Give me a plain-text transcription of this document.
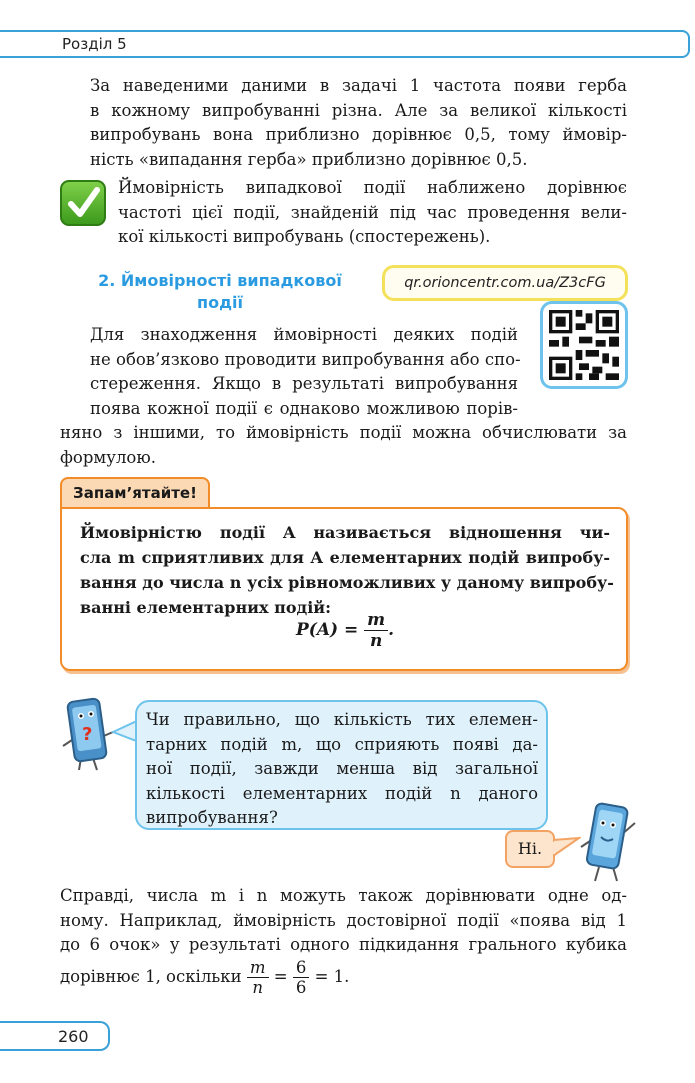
Розділ 5
За наведеними даними в задачі 1 частота появи герба
в кожному випробуванні різна. Але за великої кількості
випробувань вона приблизно дорівнює 0,5, тому ймовір-
ність «випадання герба» приблизно дорівнює 0,5.
Ймовірність випадкової події наближено дорівнює
частоті цієї події, знайденій під час проведення вели-
кої кількості випробувань (спостережень).
2. Ймовірності випадкової
події
qr.orioncentr.com.ua/Z3cFG
Для знаходження ймовірності деяких подій
не обов’язково проводити випробування або спо-
стереження. Якщо в результаті випробування
поява кожної події є однаково можливою порів-
няно з іншими, то ймовірність події можна обчислювати за
формулою.
Запам’ятайте!
Ймовірністю події A називається відношення чи-
сла m сприятливих для A елементарних подій випробу-
вання до числа n усіх рівноможливих у даному випробу-
ванні елементарних подій:
$P(A) = \frac{m}{n}$ .
?
Чи правильно, що кількість тих елемен-
тарних подій m, що сприяють появі да-
ної події, завжди менша від загальної
кількості елементарних подій n даного
випробування?
Ні.
Справді, числа m і n можуть також дорівнювати одне од-
ному. Наприклад, ймовірність достовірної події «поява від 1
до 6 очок» у результаті одного підкидання грального кубика
дорівнює 1, оскільки $\frac{m}{n} = \frac{6}{6} = 1$.
260
